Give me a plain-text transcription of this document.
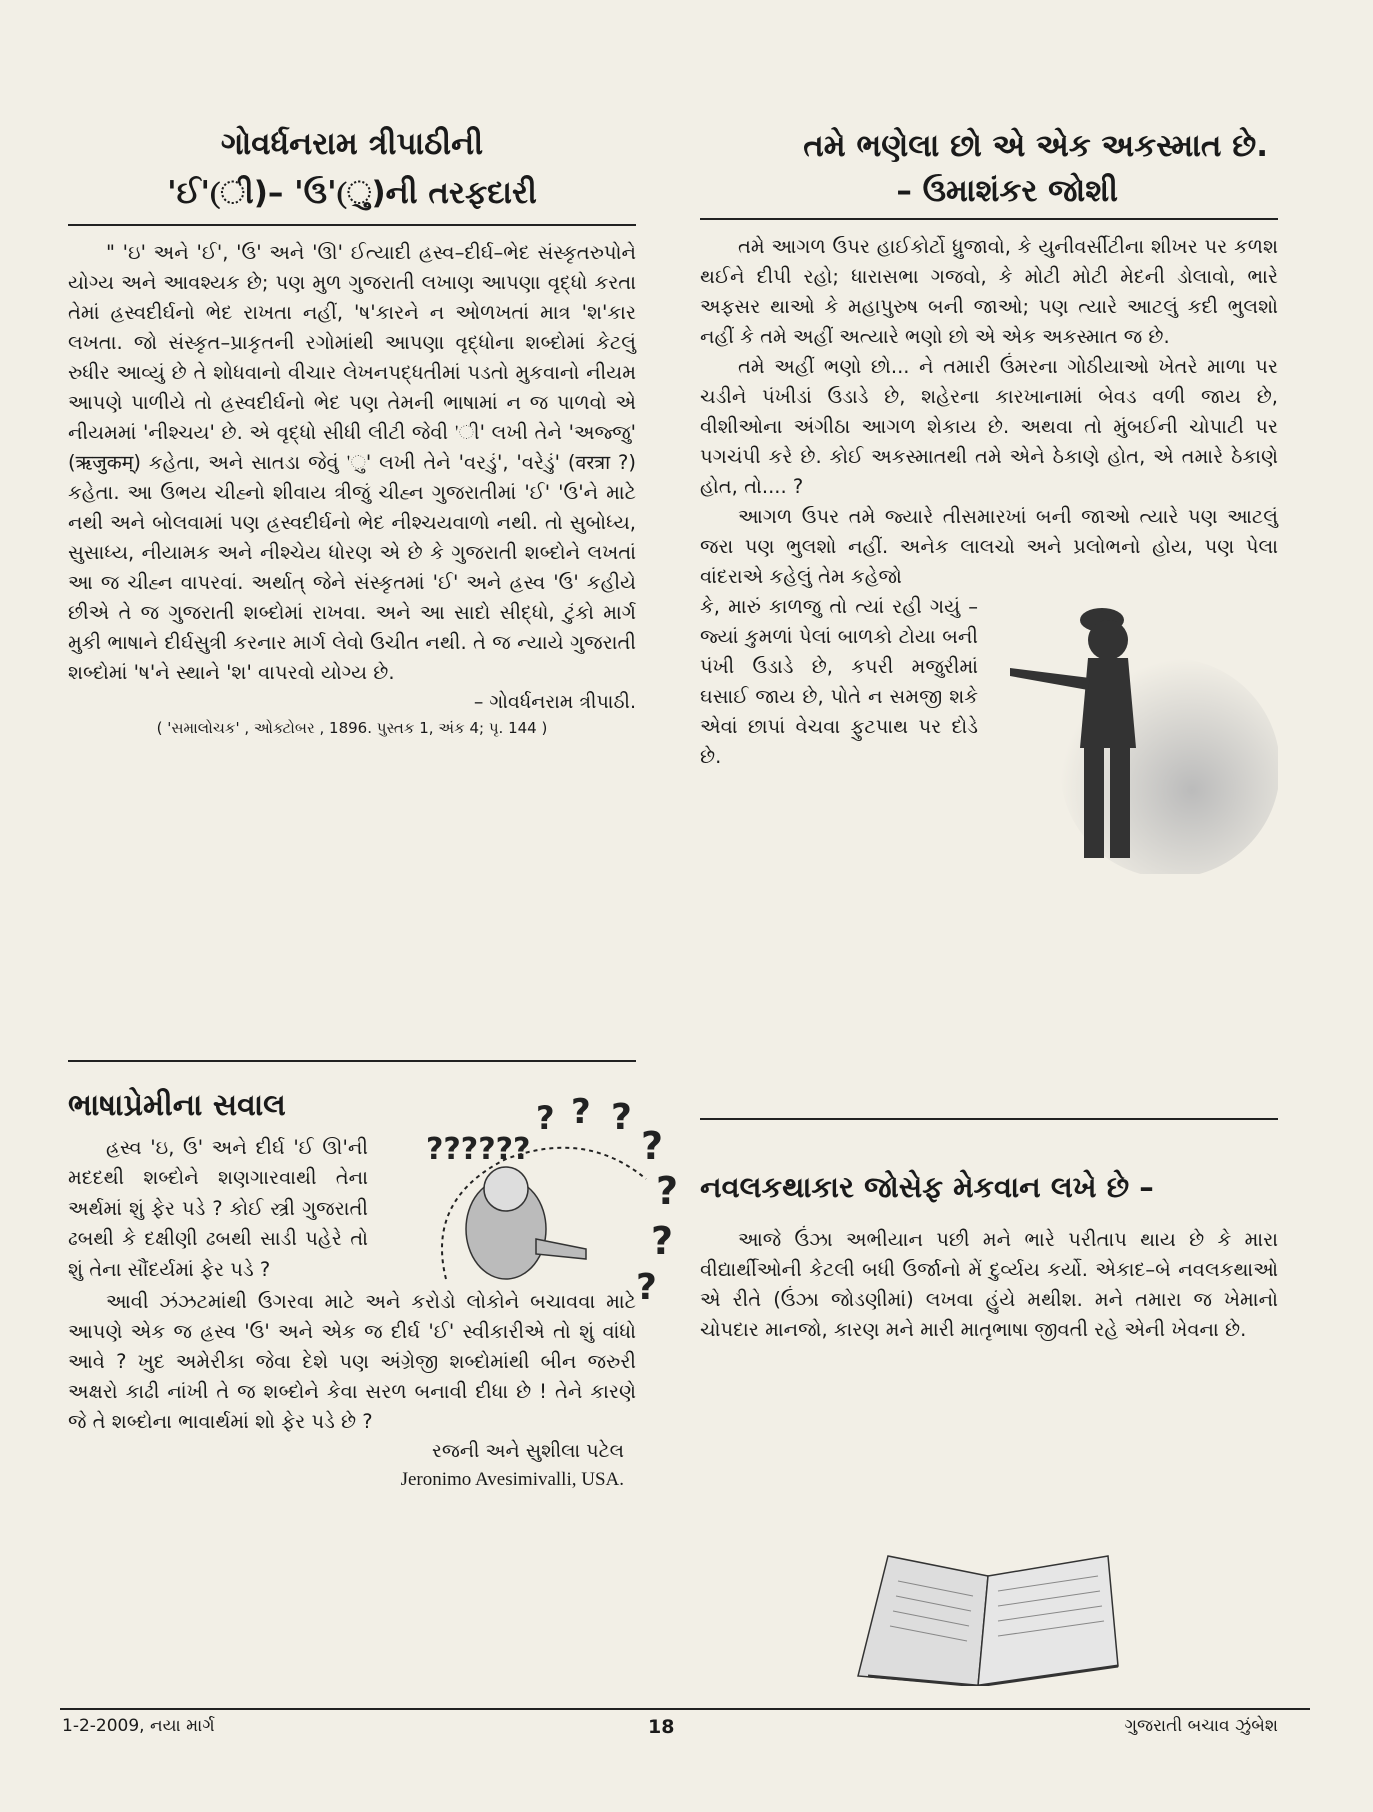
ગોવર્ધનરામ ત્રીપાઠીની
'ઈ'(ી)– 'ઉ'(ુ)ની તરફદારી

" 'ઇ' અને 'ઈ', 'ઉ' અને 'ઊ' ઈત્યાદી હ્રસ્વ–દીર્ઘ–ભેદ સંસ્કૃતરુપોને યોગ્ય અને આવશ્યક છે; પણ મુળ ગુજરાતી લખાણ આપણા વૃદ્ધો કરતા તેમાં હ્રસ્વદીર્ઘનો ભેદ રાખતા નહીં, 'ષ'કારને ન ઓળખતાં માત્ર 'શ'કાર લખતા. જો સંસ્કૃત–પ્રાકૃતની રગોમાંથી આપણા વૃદ્ધોના શબ્દોમાં કેટલું રુધીર આવ્યું છે તે શોધવાનો વીચાર લેખનપદ્ધતીમાં પડતો મુકવાનો નીયમ આપણે પાળીયે તો હ્રસ્વદીર્ઘનો ભેદ પણ તેમની ભાષામાં ન જ પાળવો એ નીયમમાં 'નીશ્ચય' છે. એ વૃદ્ધો સીધી લીટી જેવી 'ી' લખી તેને 'અજ્જુ' (ऋजुकम्) કહેતા, અને સાતડા જેવું 'ુ' લખી તેને 'વરડું', 'વરેડું' (वरत्रा ?) કહેતા. આ ઉભય ચીહ્નો શીવાય ત્રીજું ચીહ્ન ગુજરાતીમાં 'ઈ' 'ઉ'ને માટે નથી અને બોલવામાં પણ હ્રસ્વદીર્ઘનો ભેદ નીશ્ચયવાળો નથી. તો સુબોધ્ય, સુસાધ્ય, નીયામક અને નીશ્ચેય ધોરણ એ છે કે ગુજરાતી શબ્દોને લખતાં આ જ ચીહ્ન વાપરવાં. અર્થાત્ જેને સંસ્કૃતમાં 'ઈ' અને હ્રસ્વ 'ઉ' કહીયે છીએ તે જ ગુજરાતી શબ્દોમાં રાખવા. અને આ સાદો સીદ્ધો, ટુંકો માર્ગ મુકી ભાષાને દીર્ઘસુત્રી કરનાર માર્ગ લેવો ઉચીત નથી. તે જ ન્યાયે ગુજરાતી શબ્દોમાં 'ષ'ને સ્થાને 'શ' વાપરવો યોગ્ય છે.

– ગોવર્ધનરામ ત્રીપાઠી.

( 'સમાલોચક' , ઓક્ટોબર , 1896. પુસ્તક 1, અંક 4; પૃ. 144 )

ભાષાપ્રેમીના સવાલ

હ્રસ્વ 'ઇ, ઉ' અને દીર્ઘ 'ઈ ઊ'ની મદદથી શબ્દોને શણગારવાથી તેના અર્થમાં શું ફેર પડે ? કોઈ સ્ત્રી ગુજરાતી ઢબથી કે દક્ષીણી ઢબથી સાડી પહેરે તો શું તેના સૌંદર્યમાં ફેર પડે ?

??????
? ? ?
?
?
?
?

આવી ઝંઝટમાંથી ઉગરવા માટે અને કરોડો લોકોને બચાવવા માટે આપણે એક જ હ્રસ્વ 'ઉ' અને એક જ દીર્ઘ 'ઈ' સ્વીકારીએ તો શું વાંધો આવે ? ખુદ અમેરીકા જેવા દેશે પણ અંગ્રેજી શબ્દોમાંથી બીન જરુરી અક્ષરો કાઢી નાંખી તે જ શબ્દોને કેવા સરળ બનાવી દીધા છે ! તેને કારણે જે તે શબ્દોના ભાવાર્થમાં શો ફેર પડે છે ?

રજની અને સુશીલા પટેલ

Jeronimo Avesimivalli, USA.

તમે ભણેલા છો એ એક અકસ્માત છે.
– ઉમાશંકર જોશી

તમે આગળ ઉપર હાઈકોર્ટો ધ્રુજાવો, કે યુનીવર્સીટીના શીખર પર કળશ થઈને દીપી રહો; ધારાસભા ગજવો, કે મોટી મોટી મેદની ડોલાવો, ભારે અફસર થાઓ કે મહાપુરુષ બની જાઓ; પણ ત્યારે આટલું કદી ભુલશો નહીં કે તમે અહીં અત્યારે ભણો છો એ એક અકસ્માત જ છે.

તમે અહીં ભણો છો... ને તમારી ઉંમરના ગોઠીયાઓ ખેતરે માળા પર ચડીને પંખીડાં ઉડાડે છે, શહેરના કારખાનામાં બેવડ વળી જાય છે, વીશીઓના અંગીઠા આગળ શેકાય છે. અથવા તો મુંબઈની ચોપાટી પર પગચંપી કરે છે. કોઈ અકસ્માતથી તમે એને ઠેકાણે હોત, એ તમારે ઠેકાણે હોત, તો.... ?

આગળ ઉપર તમે જ્યારે તીસમારખાં બની જાઓ ત્યારે પણ આટલું જરા પણ ભુલશો નહીં. અનેક લાલચો અને પ્રલોભનો હોય, પણ પેલા વાંદરાએ કહેલું તેમ કહેજો

કે, મારું કાળજુ તો ત્યાં રહી ગયું – જ્યાં કુમળાં પેલાં બાળકો ટોયા બની પંખી ઉડાડે છે, કપરી મજુરીમાં ઘસાઈ જાય છે, પોતે ન સમજી શકે એવાં છાપાં વેચવા ફુટપાથ પર દોડે છે.

નવલકથાકાર જોસેફ મેકવાન લખે છે –

આજે ઉંઝા અભીયાન પછી મને ભારે પરીતાપ થાય છે કે મારા વીદ્યાર્થીઓની કેટલી બધી ઉર્જાનો મેં દુર્વ્યય કર્યો. એકાદ–બે નવલકથાઓ એ રીતે (ઉંઝા જોડણીમાં) લખવા હુંયે મથીશ. મને તમારા જ ખેમાનો ચોપદાર માનજો, કારણ મને મારી માતૃભાષા જીવતી રહે એની ખેવના છે.

1-2-2009, નયા માર્ગ	18	ગુજરાતી બચાવ ઝુંબેશ
